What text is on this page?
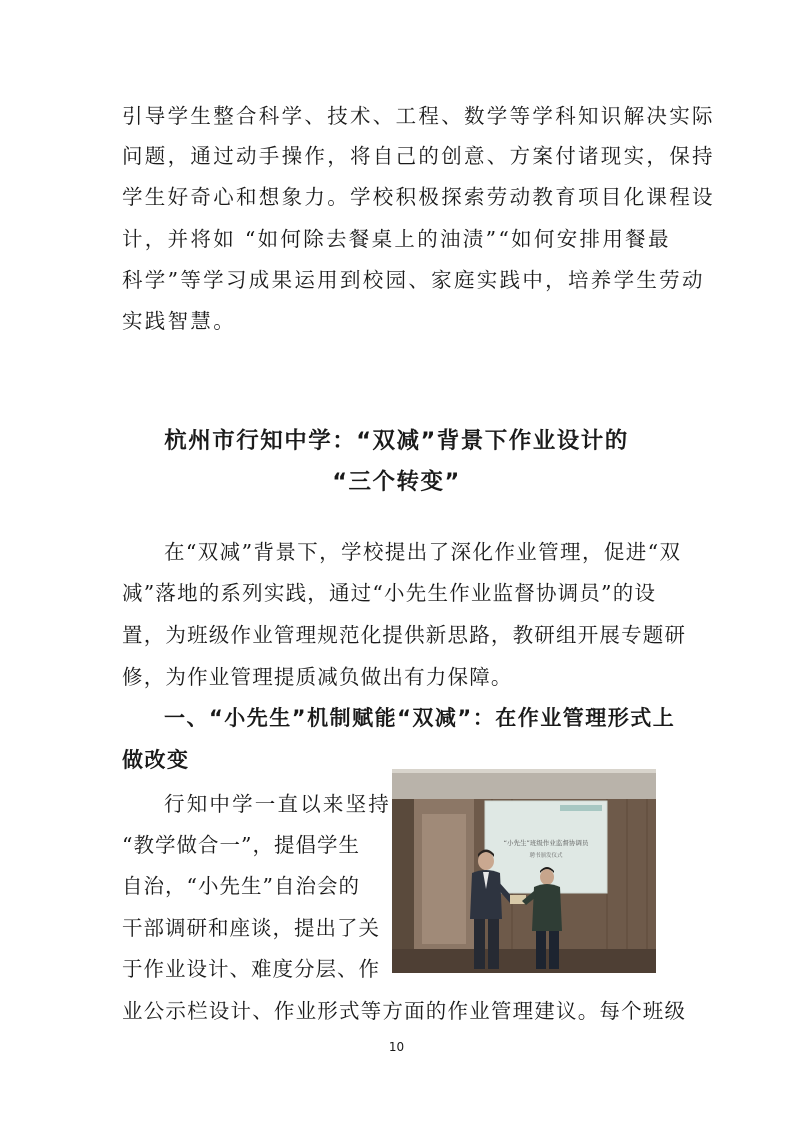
引导学生整合科学、技术、工程、数学等学科知识解决实际
问题，通过动手操作，将自己的创意、方案付诸现实，保持
学生好奇心和想象力。学校积极探索劳动教育项目化课程设
计，并将如 “如何除去餐桌上的油渍”“如何安排用餐最
科学”等学习成果运用到校园、家庭实践中，培养学生劳动
实践智慧。
杭州市行知中学：“双减”背景下作业设计的
“三个转变”
在“双减”背景下，学校提出了深化作业管理，促进“双
减”落地的系列实践，通过“小先生作业监督协调员”的设
置，为班级作业管理规范化提供新思路，教研组开展专题研
修，为作业管理提质减负做出有力保障。
一、“小先生”机制赋能“双减”：在作业管理形式上
做改变
行知中学一直以来坚持
“教学做合一”，提倡学生
自治，“小先生”自治会的
干部调研和座谈，提出了关
于作业设计、难度分层、作
业公示栏设计、作业形式等方面的作业管理建议。每个班级
“小先生”班级作业监督协调员
聘书颁发仪式
10
